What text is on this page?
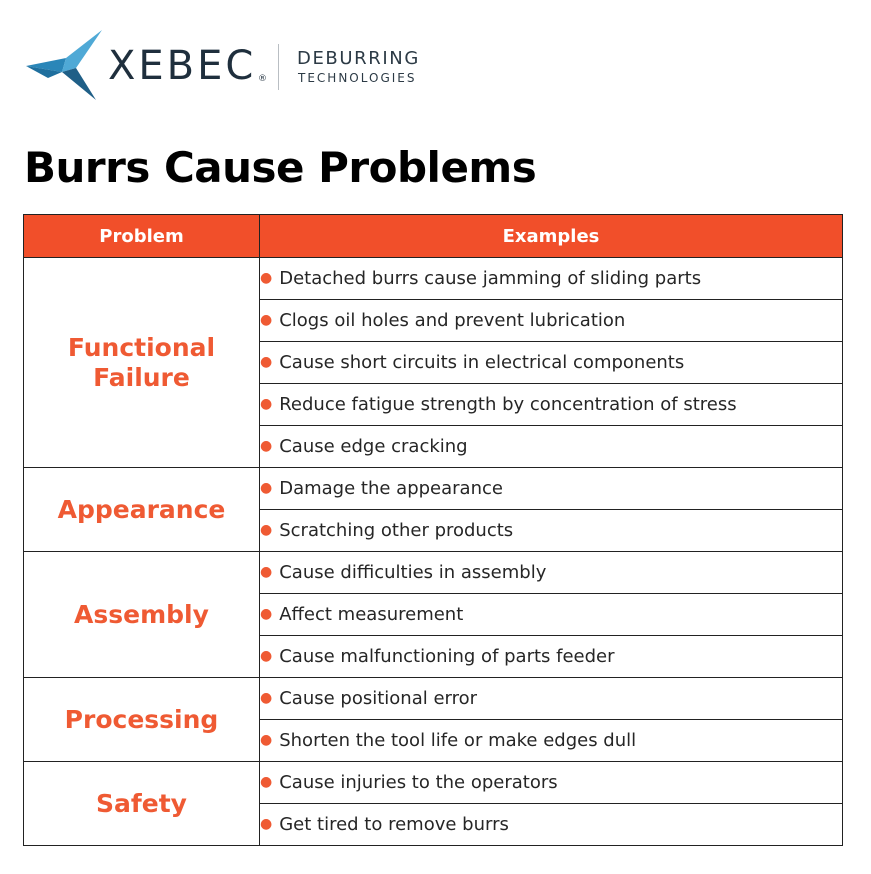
XEBEC ®
DEBURRING
TECHNOLOGIES
Burrs Cause Problems
Problem	Examples
Functional Failure	● Detached burrs cause jamming of sliding parts
	● Clogs oil holes and prevent lubrication
	● Cause short circuits in electrical components
	● Reduce fatigue strength by concentration of stress
	● Cause edge cracking
Appearance	● Damage the appearance
	● Scratching other products
Assembly	● Cause difficulties in assembly
	● Affect measurement
	● Cause malfunctioning of parts feeder
Processing	● Cause positional error
	● Shorten the tool life or make edges dull
Safety	● Cause injuries to the operators
	● Get tired to remove burrs
